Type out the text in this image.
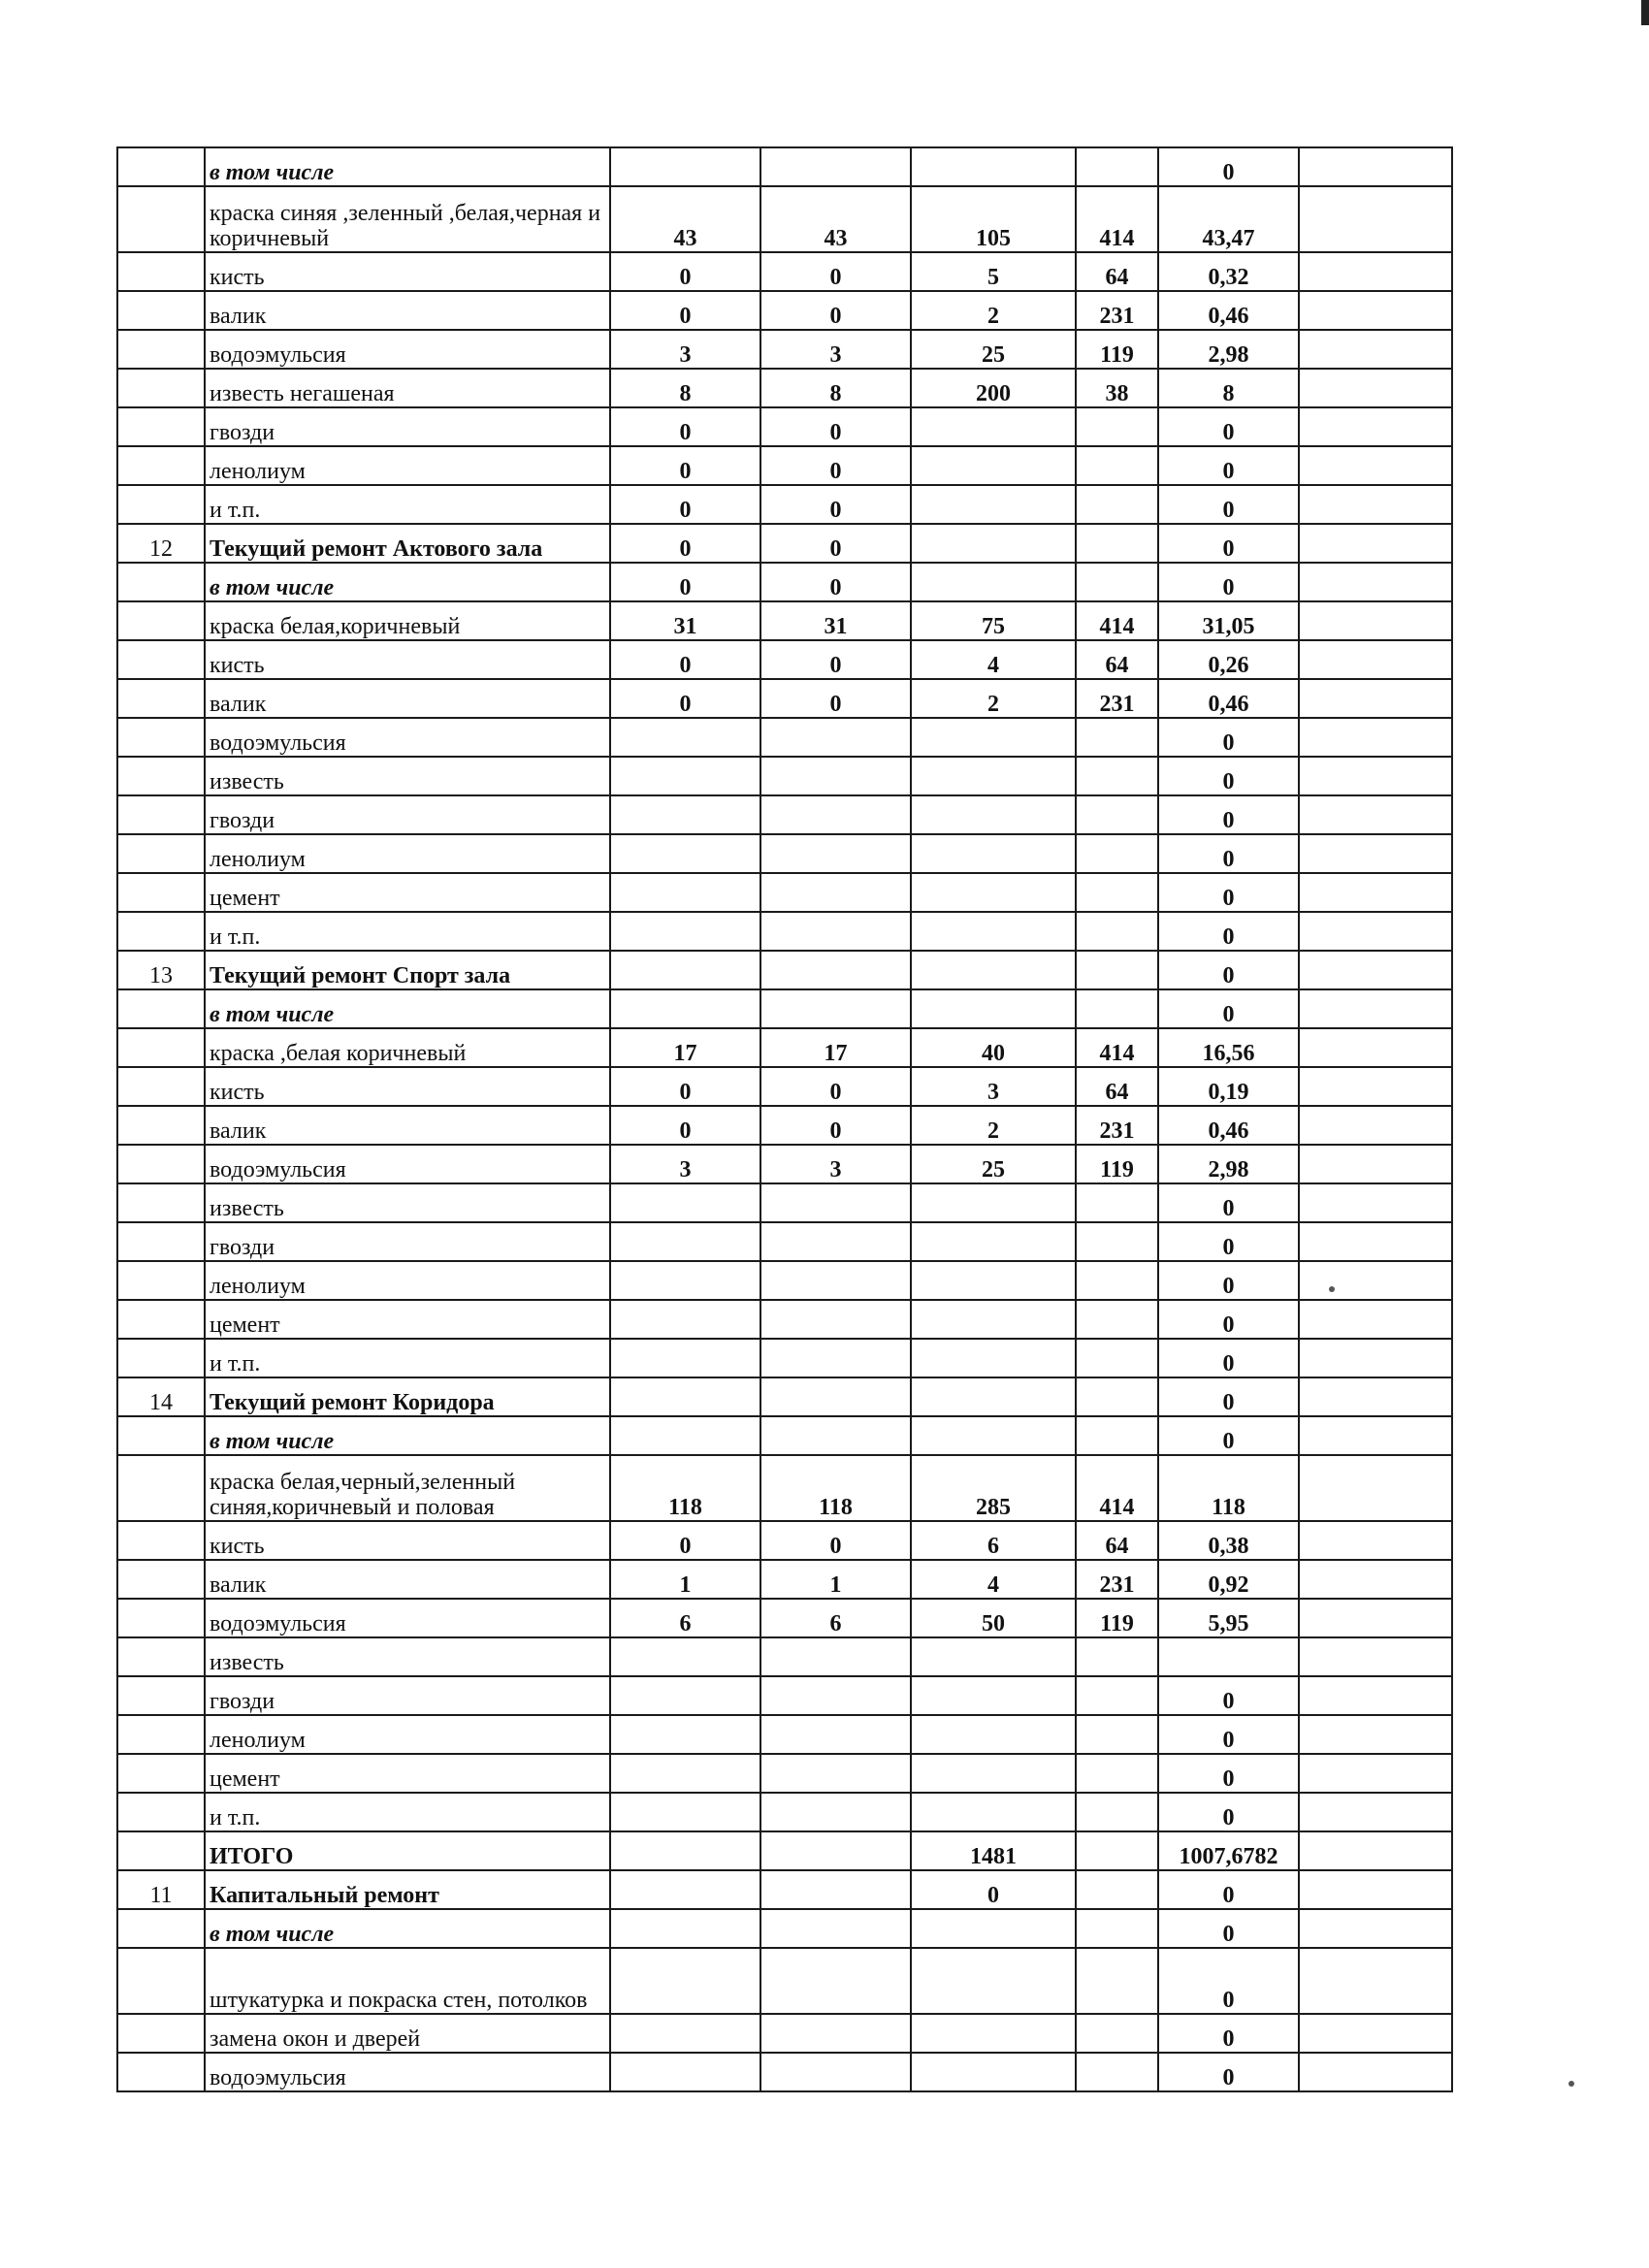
	в том числе					0	
	краска синяя ,зеленный ,белая,черная и коричневый	43	43	105	414	43,47	
	кисть	0	0	5	64	0,32	
	валик	0	0	2	231	0,46	
	водоэмульсия	3	3	25	119	2,98	
	известь негашеная	8	8	200	38	8	
	гвозди	0	0			0	
	ленолиум	0	0			0	
	и т.п.	0	0			0	
12	Текущий ремонт Актового зала	0	0			0	
	в том числе	0	0			0	
	краска белая,коричневый	31	31	75	414	31,05	
	кисть	0	0	4	64	0,26	
	валик	0	0	2	231	0,46	
	водоэмульсия					0	
	известь					0	
	гвозди					0	
	ленолиум					0	
	цемент					0	
	и т.п.					0	
13	Текущий ремонт Спорт зала					0	
	в том числе					0	
	краска ,белая коричневый	17	17	40	414	16,56	
	кисть	0	0	3	64	0,19	
	валик	0	0	2	231	0,46	
	водоэмульсия	3	3	25	119	2,98	
	известь					0	
	гвозди					0	
	ленолиум					0	
	цемент					0	
	и т.п.					0	
14	Текущий ремонт Коридора					0	
	в том числе					0	
	краска белая,черный,зеленный синяя,коричневый и половая	118	118	285	414	118	
	кисть	0	0	6	64	0,38	
	валик	1	1	4	231	0,92	
	водоэмульсия	6	6	50	119	5,95	
	известь						
	гвозди					0	
	ленолиум					0	
	цемент					0	
	и т.п.					0	
	ИТОГО			1481		1007,6782	
11	Капитальный ремонт			0		0	
	в том числе					0	
	штукатурка и покраска стен, потолков					0	
	замена окон и дверей					0	
	водоэмульсия					0	
